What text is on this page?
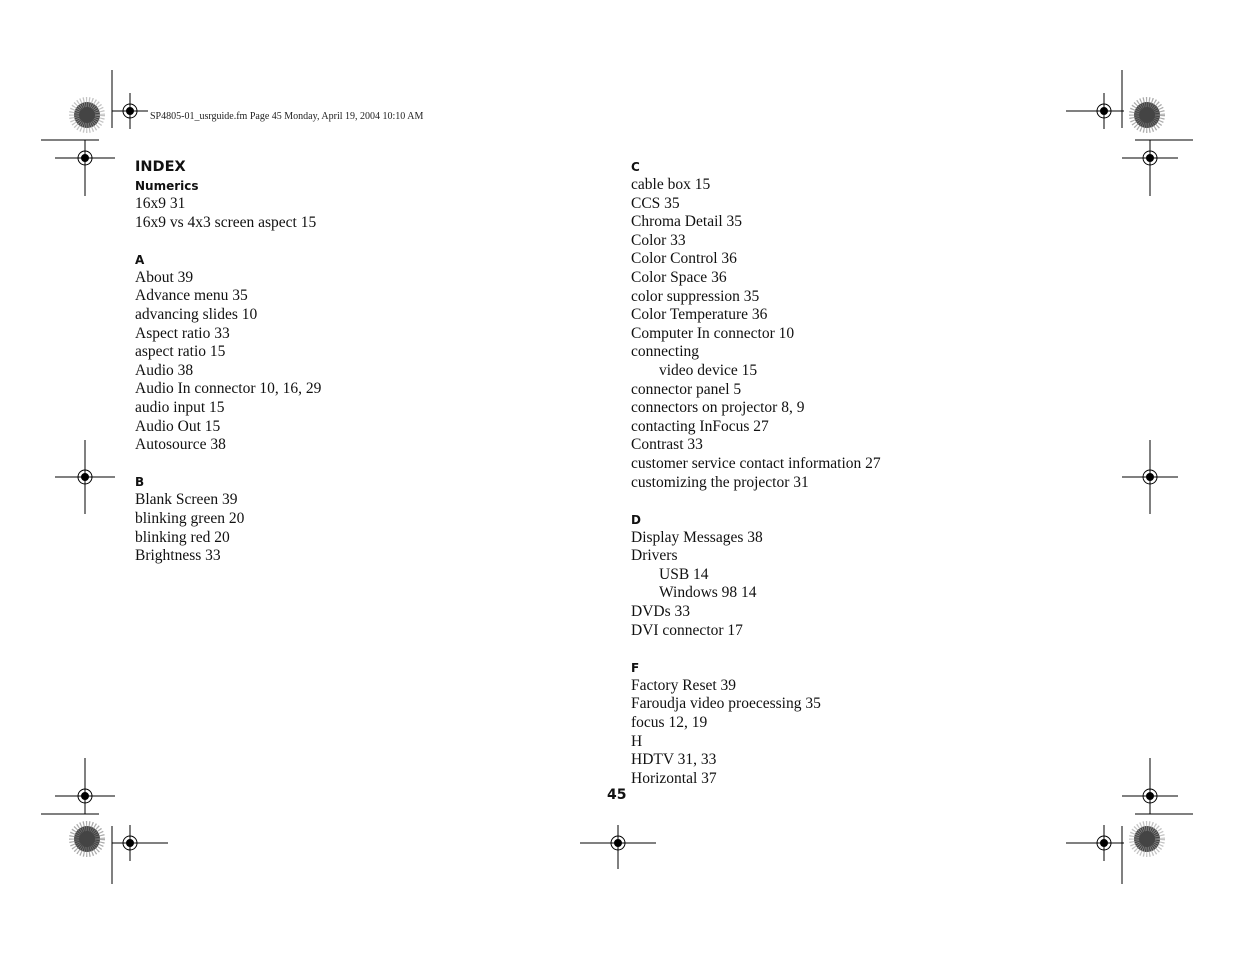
SP4805-01_usrguide.fm Page 45 Monday, April 19, 2004 10:10 AM
INDEX
Numerics
16x9 31
16x9 vs 4x3 screen aspect 15
A
About 39
Advance menu 35
advancing slides 10
Aspect ratio 33
aspect ratio 15
Audio 38
Audio In connector 10, 16, 29
audio input 15
Audio Out 15
Autosource 38
B
Blank Screen 39
blinking green 20
blinking red 20
Brightness 33
C
cable box 15
CCS 35
Chroma Detail 35
Color 33
Color Control 36
Color Space 36
color suppression 35
Color Temperature 36
Computer In connector 10
connecting
video device 15
connector panel 5
connectors on projector 8, 9
contacting InFocus 27
Contrast 33
customer service contact information 27
customizing the projector 31
D
Display Messages 38
Drivers
USB 14
Windows 98 14
DVDs 33
DVI connector 17
F
Factory Reset 39
Faroudja video proecessing 35
focus 12, 19
H
HDTV 31, 33
Horizontal 37
45
